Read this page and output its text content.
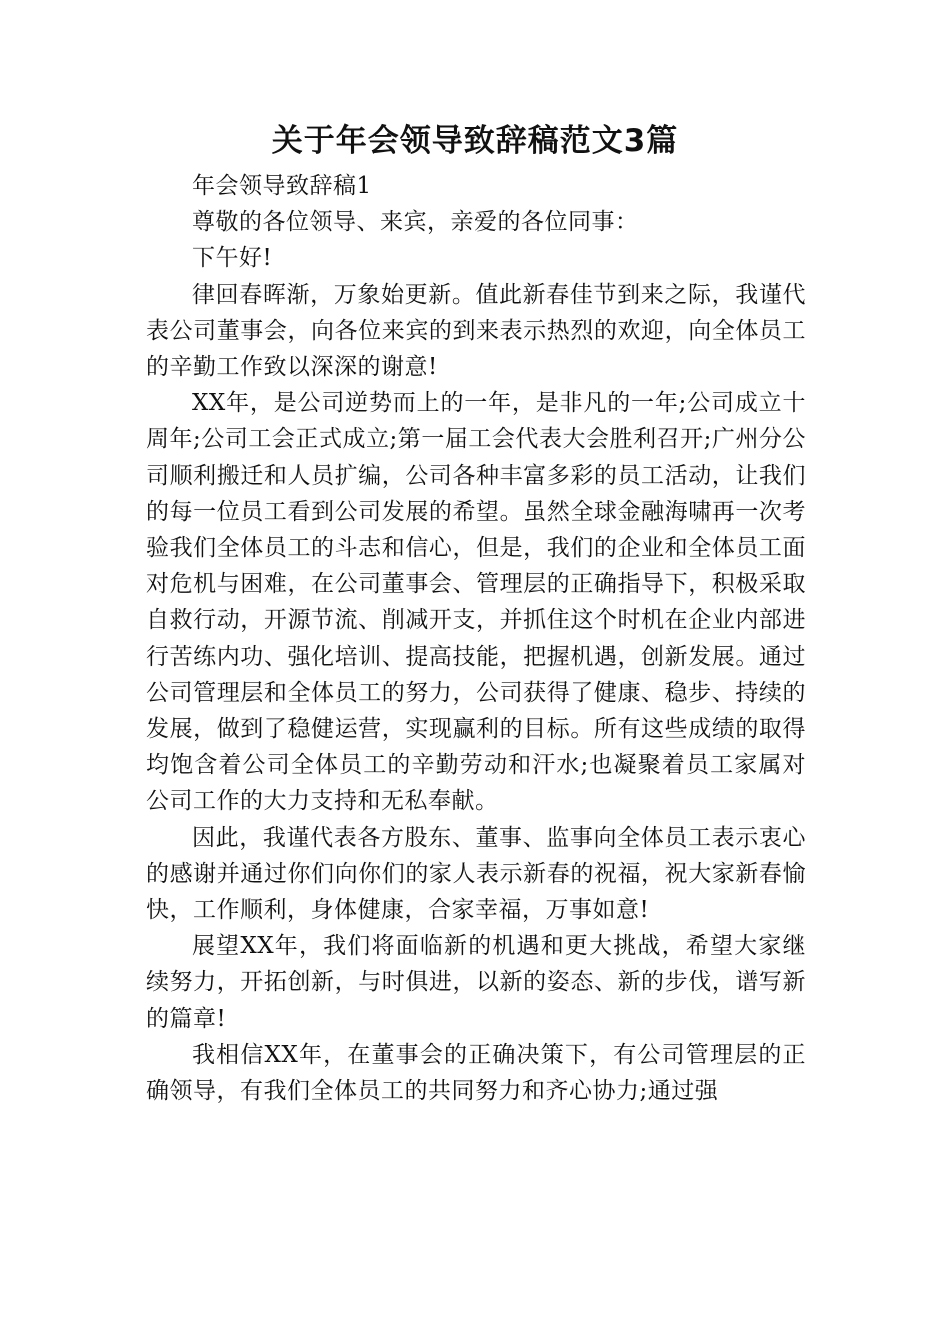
关于年会领导致辞稿范文3篇

年会领导致辞稿1

尊敬的各位领导、来宾，亲爱的各位同事：

下午好!

律回春晖渐，万象始更新。值此新春佳节到来之际，我谨代表公司董事会，向各位来宾的到来表示热烈的欢迎，向全体员工的辛勤工作致以深深的谢意!

XX年，是公司逆势而上的一年，是非凡的一年;公司成立十周年;公司工会正式成立;第一届工会代表大会胜利召开;广州分公司顺利搬迁和人员扩编，公司各种丰富多彩的员工活动，让我们的每一位员工看到公司发展的希望。虽然全球金融海啸再一次考验我们全体员工的斗志和信心，但是，我们的企业和全体员工面对危机与困难，在公司董事会、管理层的正确指导下，积极采取自救行动，开源节流、削减开支，并抓住这个时机在企业内部进行苦练内功、强化培训、提高技能，把握机遇，创新发展。通过公司管理层和全体员工的努力，公司获得了健康、稳步、持续的发展，做到了稳健运营，实现赢利的目标。所有这些成绩的取得均饱含着公司全体员工的辛勤劳动和汗水;也凝聚着员工家属对公司工作的大力支持和无私奉献。

因此，我谨代表各方股东、董事、监事向全体员工表示衷心的感谢并通过你们向你们的家人表示新春的祝福，祝大家新春愉快，工作顺利，身体健康，合家幸福，万事如意!

展望XX年，我们将面临新的机遇和更大挑战，希望大家继续努力，开拓创新，与时俱进，以新的姿态、新的步伐，谱写新的篇章!

我相信XX年，在董事会的正确决策下，有公司管理层的正确领导，有我们全体员工的共同努力和齐心协力;通过强
